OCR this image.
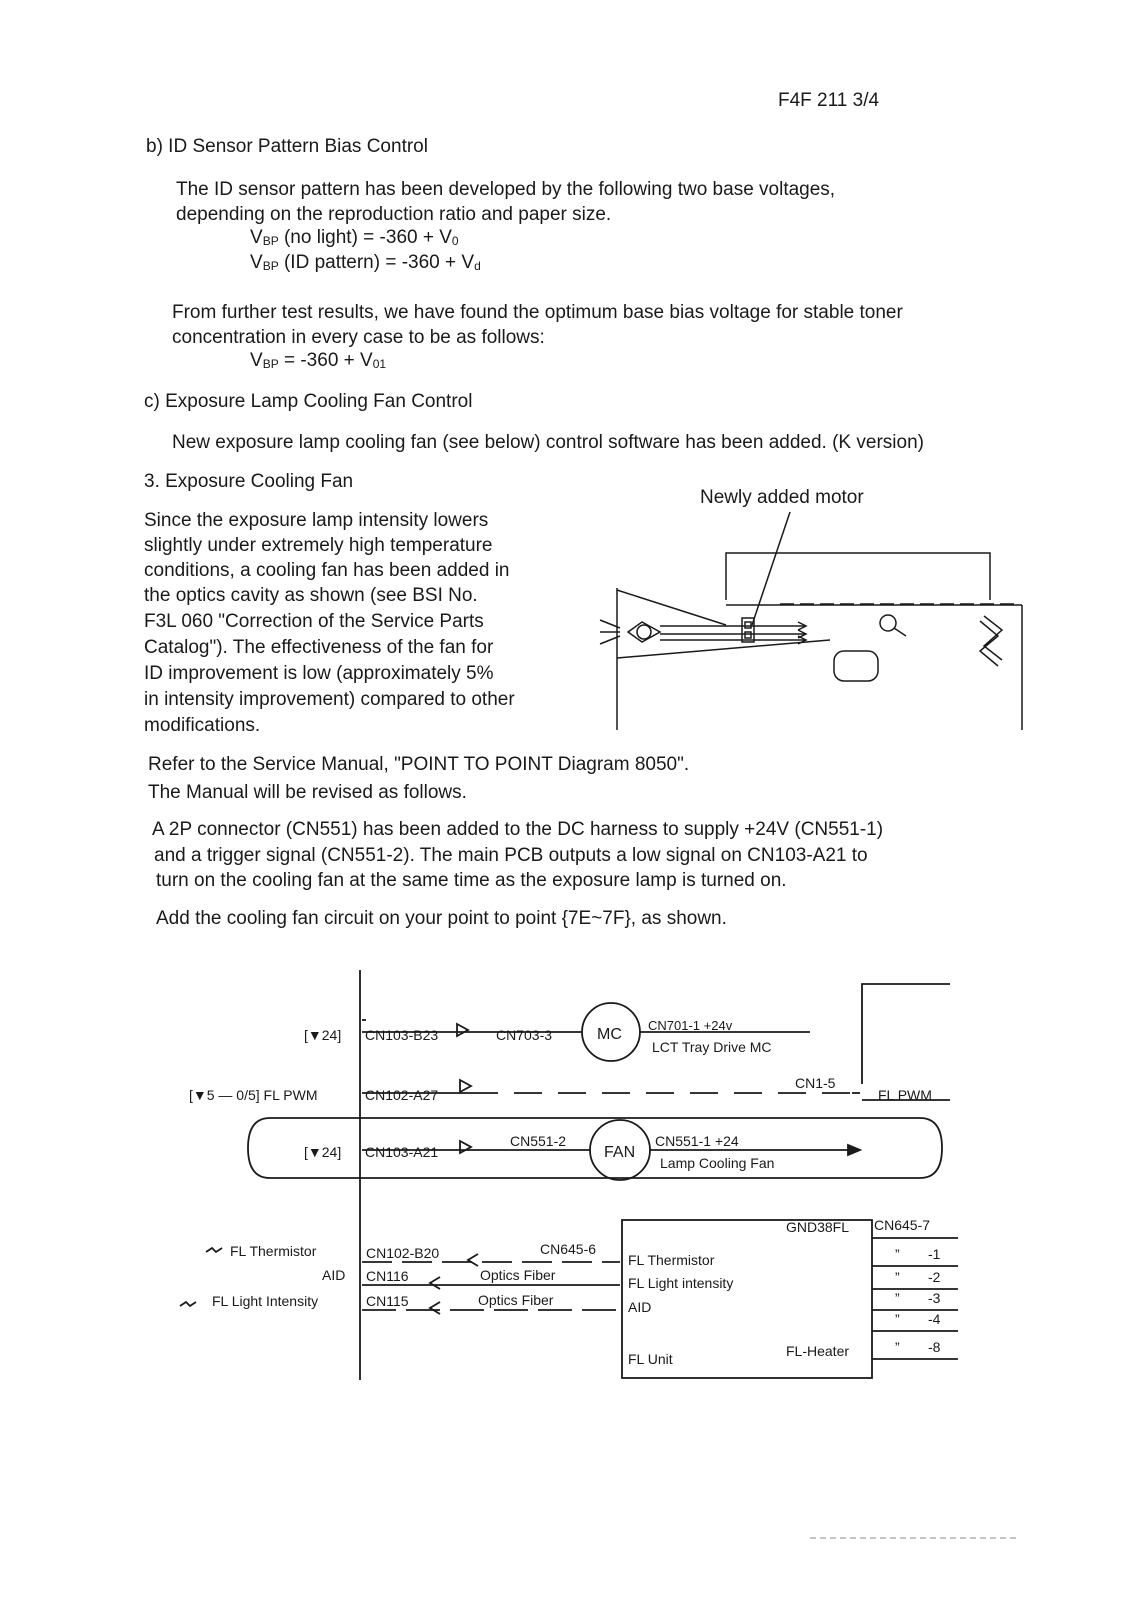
F4F 211 3/4
b) ID Sensor Pattern Bias Control
The ID sensor pattern has been developed by the following two base voltages,
depending on the reproduction ratio and paper size.
$V_{BP}$ (no light) = $-360 + V_0$
$V_{BP}$ (ID pattern) = $-360 + V_d$
From further test results, we have found the optimum base bias voltage for stable toner
concentration in every case to be as follows:
$V_{BP} = -360 + V_{01}$
c) Exposure Lamp Cooling Fan Control
New exposure lamp cooling fan (see below) control software has been added. (K version)
3. Exposure Cooling Fan
Since the exposure lamp intensity lowers
slightly under extremely high temperature
conditions, a cooling fan has been added in
the optics cavity as shown (see BSI No.
F3L 060 "Correction of the Service Parts
Catalog"). The effectiveness of the fan for
ID improvement is low (approximately 5%
in intensity improvement) compared to other
modifications.
Newly added motor
Refer to the Service Manual, "POINT TO POINT Diagram 8050".
The Manual will be revised as follows.
A 2P connector (CN551) has been added to the DC harness to supply +24V (CN551-1)
and a trigger signal (CN551-2). The main PCB outputs a low signal on CN103-A21 to
turn on the cooling fan at the same time as the exposure lamp is turned on.
Add the cooling fan circuit on your point to point {7E~7F}, as shown.
[▼24] CN103-B23	CN703-3	MC
CN701-1 +24v
LCT Tray Drive MC
[▼5 — 0/5] FL PWM	CN102-A27
CN1-5
FL PWM
[▼24] CN103-A21
CN551-2
FAN
CN551-1 +24
Lamp Cooling Fan
FL Thermistor
AID
FL Light Intensity
CN102-B20	CN645-6
CN116	Optics Fiber
CN115	Optics Fiber
GND38FL
FL Thermistor
FL Light intensity
AID
FL Unit	FL-Heater
CN645-7
” -1
” -2
” -3
” -4
” -8
